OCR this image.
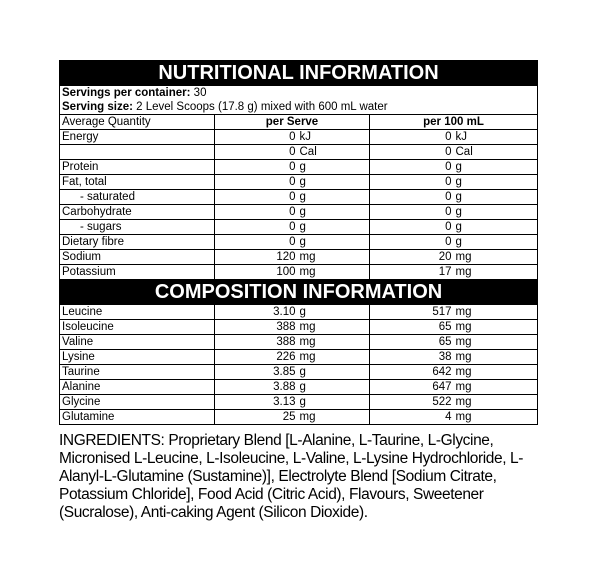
NUTRITIONAL INFORMATION				
Servings per container: 30				
Serving size: 2 Level Scoops (17.8 g) mixed with 600 mL water				
Average Quantity	per Serve		per 100 mL	
Energy	0	kJ	0	kJ
	0	Cal	0	Cal
Protein	0	g	0	g
Fat, total	0	g	0	g
- saturated	0	g	0	g
Carbohydrate	0	g	0	g
- sugars	0	g	0	g
Dietary fibre	0	g	0	g
Sodium	120	mg	20	mg
Potassium	100	mg	17	mg
COMPOSITION INFORMATION				
Leucine	3.10	g	517	mg
Isoleucine	388	mg	65	mg
Valine	388	mg	65	mg
Lysine	226	mg	38	mg
Taurine	3.85	g	642	mg
Alanine	3.88	g	647	mg
Glycine	3.13	g	522	mg
Glutamine	25	mg	4	mg
INGREDIENTS: Proprietary Blend [L-Alanine, L-Taurine, L-Glycine, Micronised L-Leucine, L-Isoleucine, L-Valine, L-Lysine Hydrochloride, L-Alanyl-L-Glutamine (Sustamine)], Electrolyte Blend [Sodium Citrate, Potassium Chloride], Food Acid (Citric Acid), Flavours, Sweetener (Sucralose), Anti-caking Agent (Silicon Dioxide).
